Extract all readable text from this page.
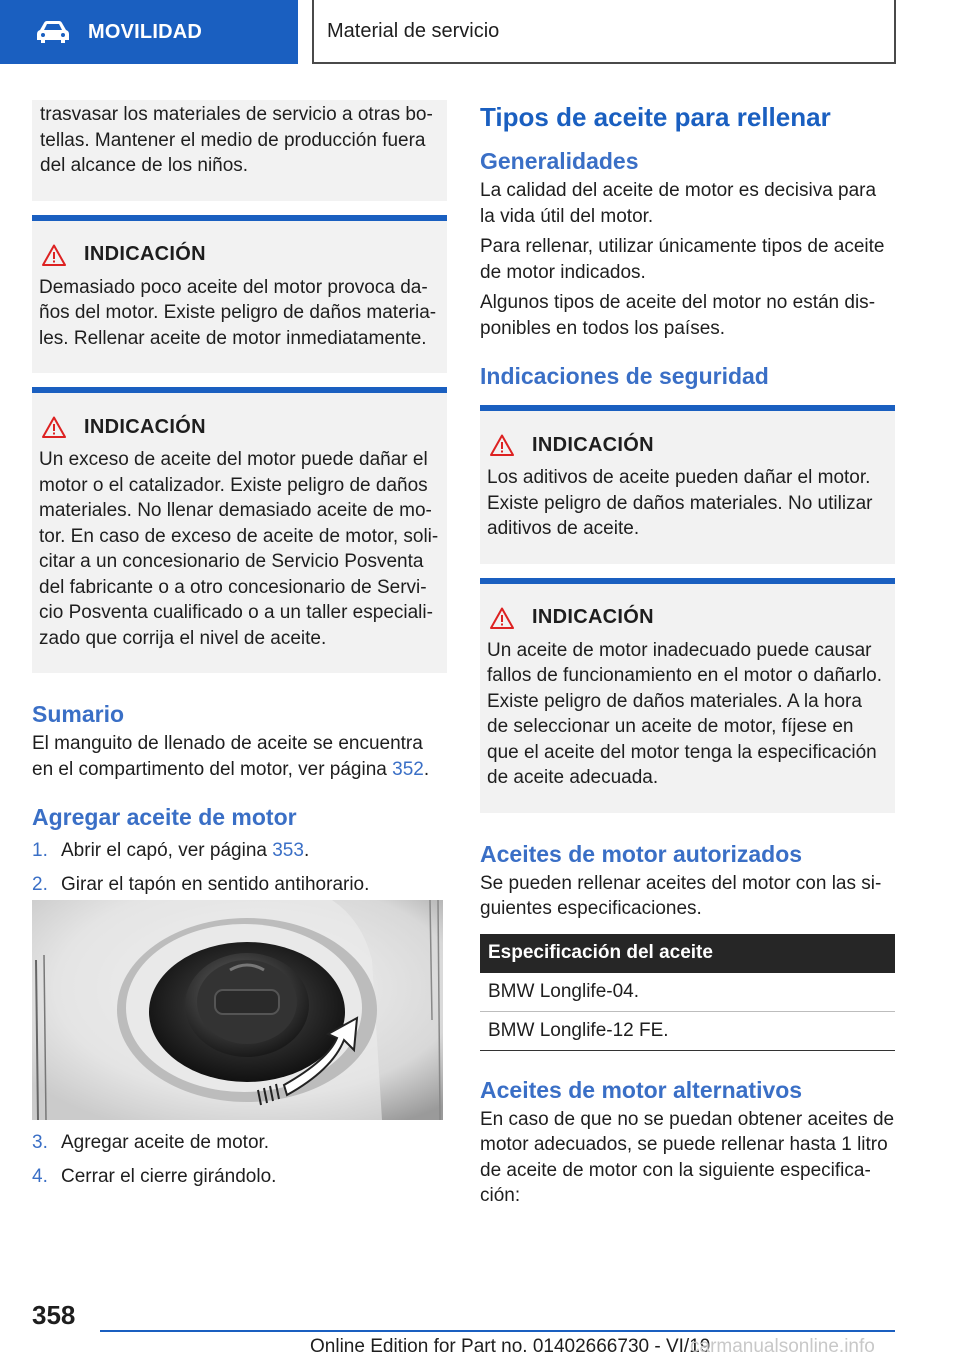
MOVILIDAD	Material de servicio

trasvasar los materiales de servicio a otras botellas. Mantener el medio de producción fuera del alcance de los niños.

INDICACIÓN

Demasiado poco aceite del motor provoca daños del motor. Existe peligro de daños materiales. Rellenar aceite de motor inmediatamente.

INDICACIÓN

Un exceso de aceite del motor puede dañar el motor o el catalizador. Existe peligro de daños materiales. No llenar demasiado aceite de motor. En caso de exceso de aceite de motor, solicitar a un concesionario de Servicio Posventa del fabricante o a otro concesionario de Servicio Posventa cualificado o a un taller especializado que corrija el nivel de aceite.

Sumario

El manguito de llenado de aceite se encuentra en el compartimento del motor, ver página 352.

Agregar aceite de motor
1. Abrir el capó, ver página 353.
2. Girar el tapón en sentido antihorario.
3. Agregar aceite de motor.
4. Cerrar el cierre girándolo.
Tipos de aceite para rellenar
Generalidades

La calidad del aceite de motor es decisiva para la vida útil del motor.

Para rellenar, utilizar únicamente tipos de aceite de motor indicados.

Algunos tipos de aceite del motor no están disponibles en todos los países.

Indicaciones de seguridad
INDICACIÓN

Los aditivos de aceite pueden dañar el motor. Existe peligro de daños materiales. No utilizar aditivos de aceite.

INDICACIÓN

Un aceite de motor inadecuado puede causar fallos de funcionamiento en el motor o dañarlo. Existe peligro de daños materiales. A la hora de seleccionar un aceite de motor, fíjese en que el aceite del motor tenga la especificación de aceite adecuada.

Aceites de motor autorizados

Se pueden rellenar aceites del motor con las siguientes especificaciones.

Especificación del aceite
BMW Longlife-04.
BMW Longlife-12 FE.
Aceites de motor alternativos

En caso de que no se puedan obtener aceites de motor adecuados, se puede rellenar hasta 1 litro de aceite de motor con la siguiente especificación:

358
Online Edition for Part no. 01402666730 - VI/19
carmanualsonline.info
